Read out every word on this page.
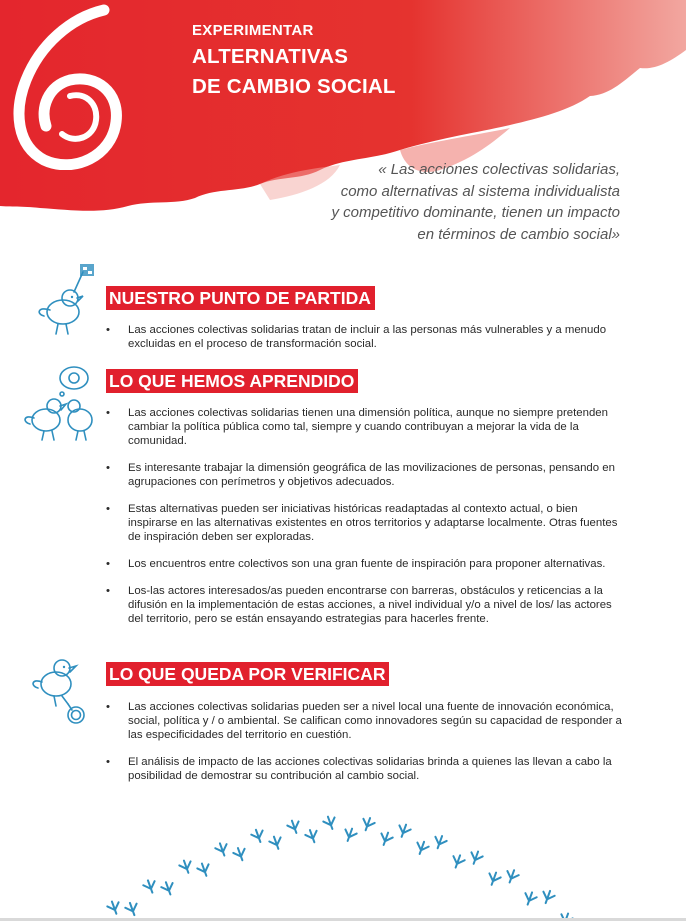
EXPERIMENTAR
ALTERNATIVAS
DE CAMBIO SOCIAL
« Las acciones colectivas solidarias,
como alternativas al sistema individualista
y competitivo dominante, tienen un impacto
en términos de cambio social»
NUESTRO PUNTO DE PARTIDA
• Las acciones colectivas solidarias tratan de incluir a las personas más vulnerables y a menudo excluidas en el proceso de transformación social.
LO QUE HEMOS APRENDIDO
• Las acciones colectivas solidarias tienen una dimensión política, aunque no siempre pretenden cambiar la política pública como tal, siempre y cuando contribuyan a mejorar la vida de la comunidad.
• Es interesante trabajar la dimensión geográfica de las movilizaciones de personas, pensando en agrupaciones con perímetros y objetivos adecuados.
• Estas alternativas pueden ser iniciativas históricas readaptadas al contexto actual, o bien inspirarse en las alternativas existentes en otros territorios y adaptarse localmente. Otras fuentes de inspiración deben ser exploradas.
• Los encuentros entre colectivos son una gran fuente de inspiración para proponer alternativas.
• Los-las actores interesados/as pueden encontrarse con barreras, obstáculos y reticencias a la difusión en la implementación de estas acciones, a nivel individual y/o a nivel de los/ las actores del territorio, pero se están ensayando estrategias para hacerles frente.
LO QUE QUEDA POR VERIFICAR
• Las acciones colectivas solidarias pueden ser a nivel local una fuente de innovación económica, social, política y / o ambiental. Se califican como innovadores según su capacidad de responder a las especificidades del territorio en cuestión.
• El análisis de impacto de las acciones colectivas solidarias brinda a quienes las llevan a cabo la posibilidad de demostrar su contribución al cambio social.
